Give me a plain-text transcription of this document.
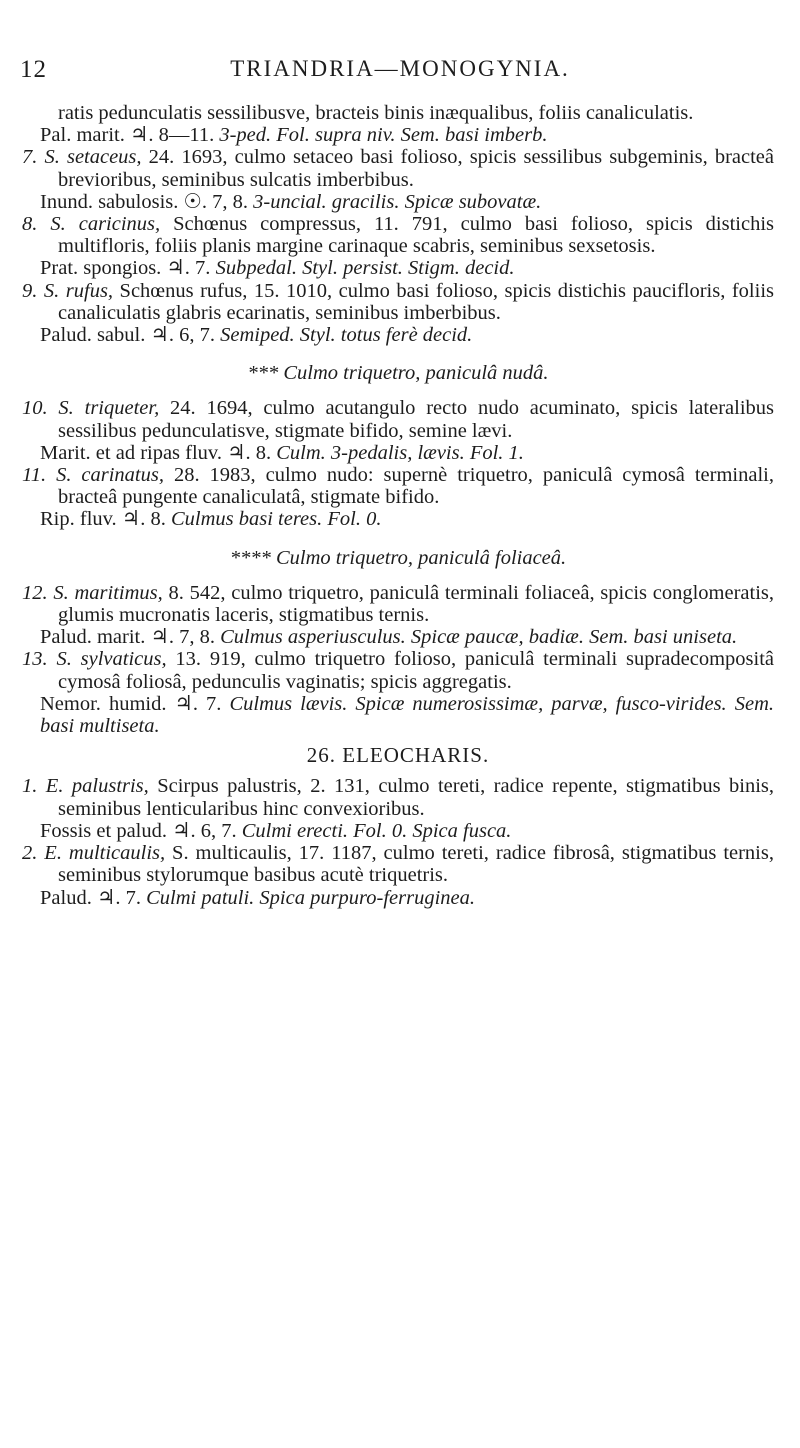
12	TRIANDRIA—MONOGYNIA.

ratis pedunculatis sessilibusve, bracteis binis inæqualibus, foliis canaliculatis.

Pal. marit. ♃. 8—11. 3-ped. Fol. supra niv. Sem. basi imberb.

7. S. setaceus, 24. 1693, culmo setaceo basi folioso, spicis sessilibus subgeminis, bracteâ brevioribus, seminibus sulcatis imberbibus.

Inund. sabulosis. ☉. 7, 8. 3-uncial. gracilis. Spicæ subovatæ.

8. S. caricinus, Schœnus compressus, 11. 791, culmo basi folioso, spicis distichis multifloris, foliis planis margine carinaque scabris, seminibus sexsetosis.

Prat. spongios. ♃. 7. Subpedal. Styl. persist. Stigm. decid.

9. S. rufus, Schœnus rufus, 15. 1010, culmo basi folioso, spicis distichis paucifloris, foliis canaliculatis glabris ecarinatis, seminibus imberbibus.

Palud. sabul. ♃. 6, 7. Semiped. Styl. totus ferè decid.

*** Culmo triquetro, paniculâ nudâ.

10. S. triqueter, 24. 1694, culmo acutangulo recto nudo acuminato, spicis lateralibus sessilibus pedunculatisve, stigmate bifido, semine lævi.

Marit. et ad ripas fluv. ♃. 8. Culm. 3-pedalis, lævis. Fol. 1.

11. S. carinatus, 28. 1983, culmo nudo: supernè triquetro, paniculâ cymosâ terminali, bracteâ pungente canaliculatâ, stigmate bifido.

Rip. fluv. ♃. 8. Culmus basi teres. Fol. 0.

**** Culmo triquetro, paniculâ foliaceâ.

12. S. maritimus, 8. 542, culmo triquetro, paniculâ terminali foliaceâ, spicis conglomeratis, glumis mucronatis laceris, stigmatibus ternis.

Palud. marit. ♃. 7, 8. Culmus asperiusculus. Spicæ paucæ, badiæ. Sem. basi uniseta.

13. S. sylvaticus, 13. 919, culmo triquetro folioso, paniculâ terminali supradecompositâ cymosâ foliosâ, pedunculis vaginatis; spicis aggregatis.

Nemor. humid. ♃. 7. Culmus lævis. Spicæ numerosissimæ, parvæ, fusco-virides. Sem. basi multiseta.

26. ELEOCHARIS.

1. E. palustris, Scirpus palustris, 2. 131, culmo tereti, radice repente, stigmatibus binis, seminibus lenticularibus hinc convexioribus.

Fossis et palud. ♃. 6, 7. Culmi erecti. Fol. 0. Spica fusca.

2. E. multicaulis, S. multicaulis, 17. 1187, culmo tereti, radice fibrosâ, stigmatibus ternis, seminibus stylorumque basibus acutè triquetris.

Palud. ♃. 7. Culmi patuli. Spica purpuro-ferruginea.
